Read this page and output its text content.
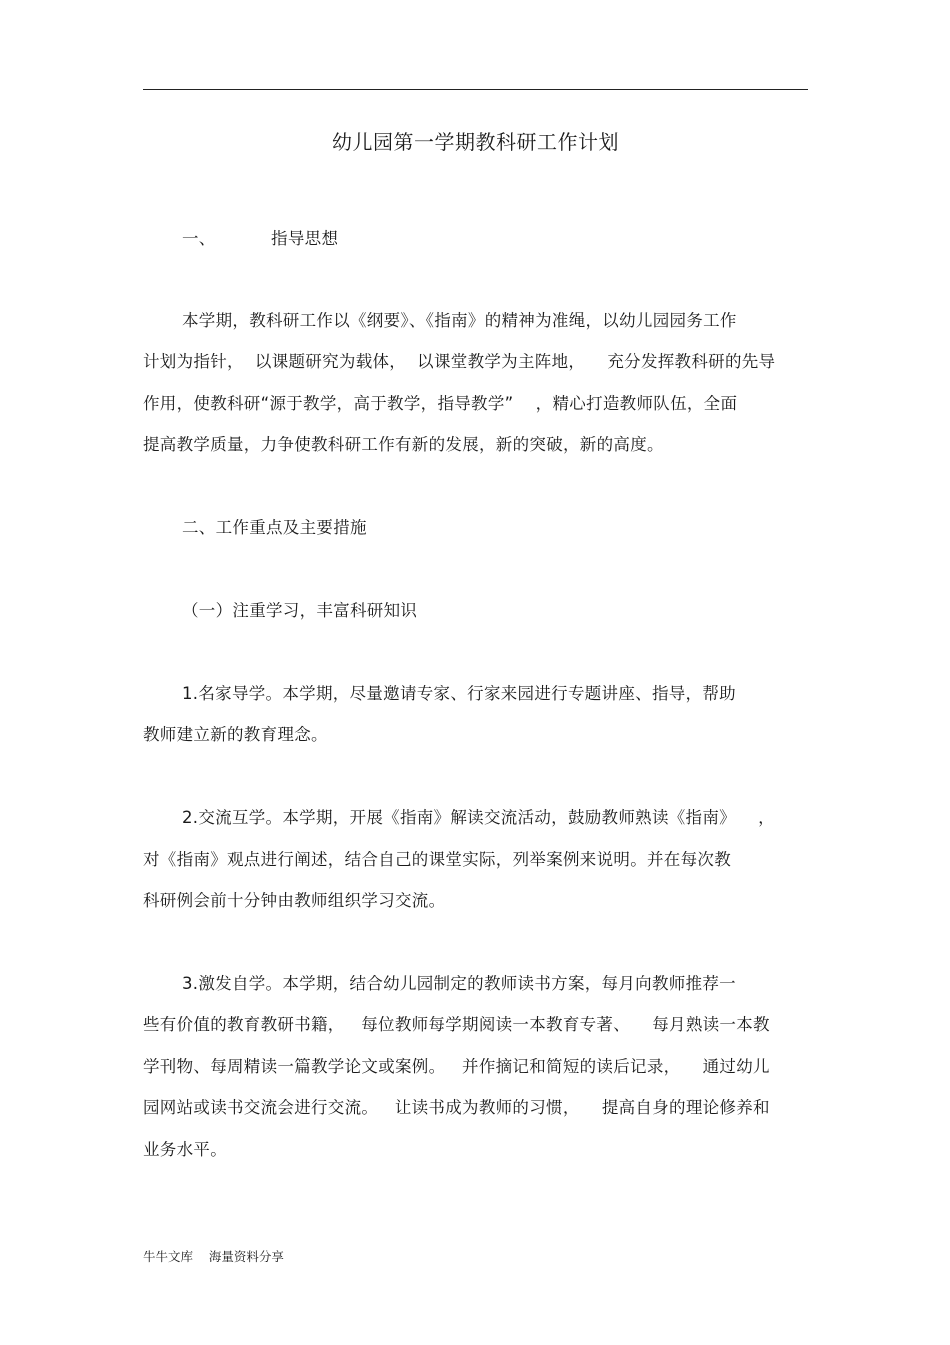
幼儿园第一学期教科研工作计划

一、          指导思想

本学期，教科研工作以《纲要》、《指南》的精神为准绳，以幼儿园园务工作

计划为指针，  以课题研究为载体，  以课堂教学为主阵地，    充分发挥教科研的先导

作用，使教科研“源于教学，高于教学，指导教学”    ，精心打造教师队伍，全面

提高教学质量，力争使教科研工作有新的发展，新的突破，新的高度。

二、工作重点及主要措施

（一）注重学习，丰富科研知识

1.名家导学。本学期，尽量邀请专家、行家来园进行专题讲座、指导，帮助

教师建立新的教育理念。

2.交流互学。本学期，开展《指南》解读交流活动，鼓励教师熟读《指南》    ，

对《指南》观点进行阐述，结合自己的课堂实际，列举案例来说明。并在每次教

科研例会前十分钟由教师组织学习交流。

3.激发自学。本学期，结合幼儿园制定的教师读书方案，每月向教师推荐一

些有价值的教育教研书籍，   每位教师每学期阅读一本教育专著、    每月熟读一本教

学刊物、每周精读一篇教学论文或案例。   并作摘记和简短的读后记录，    通过幼儿

园网站或读书交流会进行交流。   让读书成为教师的习惯，    提高自身的理论修养和

业务水平。

牛牛文库    海量资料分享
